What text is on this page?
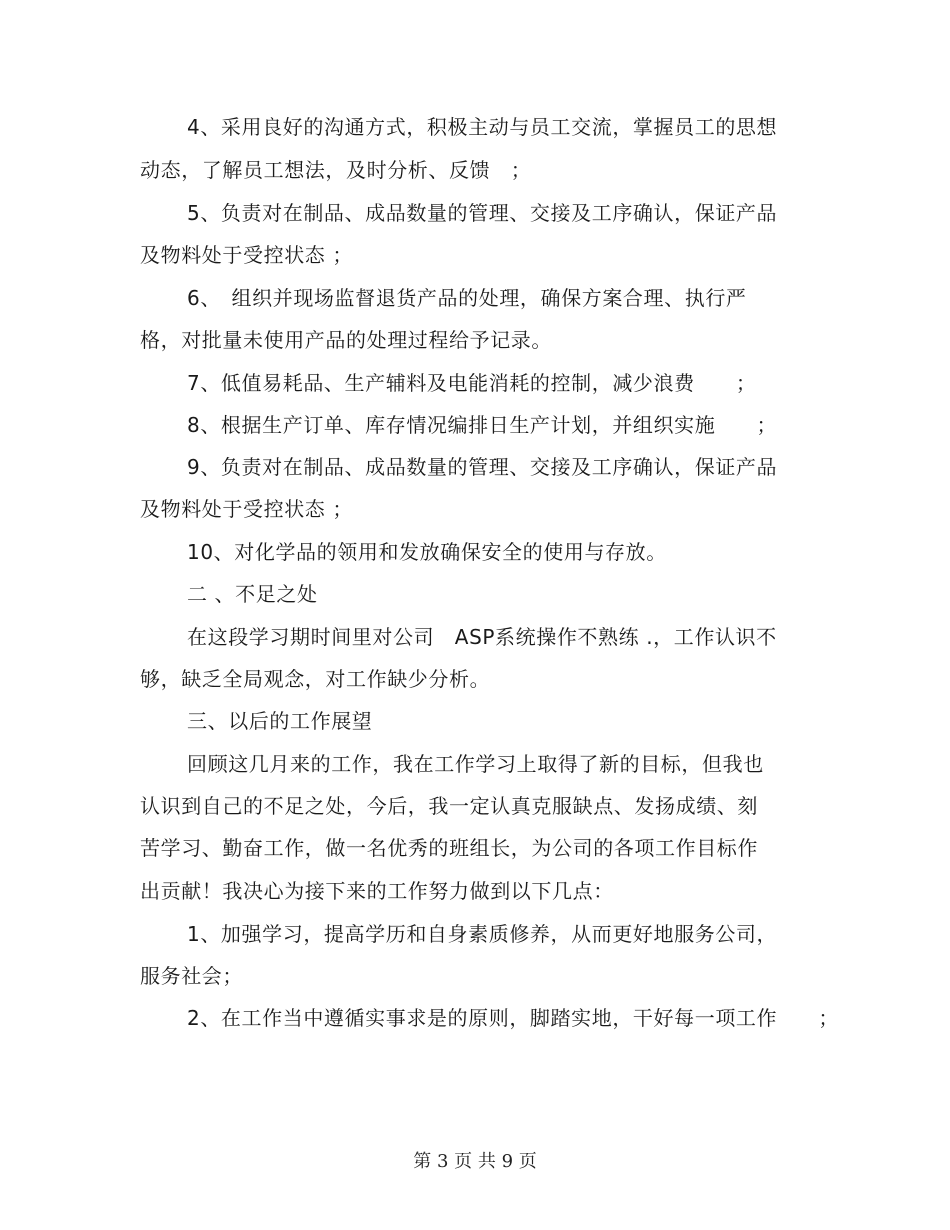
4、采用良好的沟通方式，积极主动与员工交流，掌握员工的思想
动态，了解员工想法，及时分析、反馈　；
5、负责对在制品、成品数量的管理、交接及工序确认，保证产品
及物料处于受控状态 ；
6、　组织并现场监督退货产品的处理，确保方案合理、执行严
格，对批量未使用产品的处理过程给予记录。
7、低值易耗品、生产辅料及电能消耗的控制，减少浪费　　；
8、根据生产订单、库存情况编排日生产计划，并组织实施　　；
9、负责对在制品、成品数量的管理、交接及工序确认，保证产品
及物料处于受控状态 ；
10、对化学品的领用和发放确保安全的使用与存放。
二 、不足之处
在这段学习期时间里对公司　ASP系统操作不熟练 .，工作认识不
够，缺乏全局观念，对工作缺少分析。
三、以后的工作展望
回顾这几月来的工作，我在工作学习上取得了新的目标，但我也
认识到自己的不足之处，今后，我一定认真克服缺点、发扬成绩、刻
苦学习、勤奋工作，做一名优秀的班组长，为公司的各项工作目标作
出贡献！我决心为接下来的工作努力做到以下几点：
1、加强学习，提高学历和自身素质修养，从而更好地服务公司，
服务社会；
2、在工作当中遵循实事求是的原则，脚踏实地，干好每一项工作　　；
第 3 页 共 9 页
